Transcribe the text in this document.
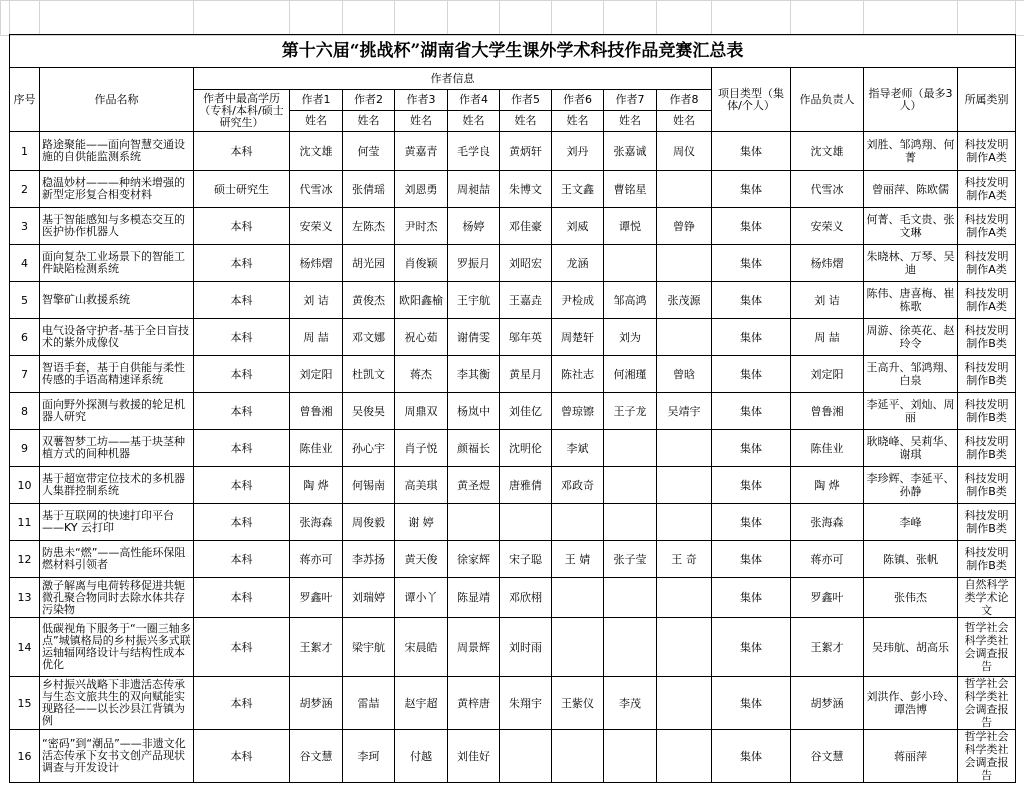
第十六届“挑战杯”湖南省大学生课外学术科技作品竞赛汇总表														
序号	作品名称	作者信息									项目类型（集体/个人）	作品负责人	指导老师（最多3人）	所属类别

		作者中最高学历（专科/本科/硕士研究生）	作者1	作者2	作者3	作者4	作者5	作者6	作者7	作者8				
			姓名	姓名	姓名	姓名	姓名	姓名	姓名	姓名				
1	路途聚能——面向智慧交通设施的自供能监测系统	本科	沈文雄	何莹	黄嘉青	毛学良	黄炳轩	刘丹	张嘉诚	周仪	集体	沈文雄	刘胜、邹鸿翔、何菁	科技发明制作A类

2	稳温妙材———种纳米增强的新型定形复合相变材料	硕士研究生	代雪冰	张倩瑶	刘恩勇	周昶喆	朱博文	王文鑫	曹铭星		集体	代雪冰	曾丽萍、陈欧儒	科技发明制作A类

3	基于智能感知与多模态交互的医护协作机器人	本科	安荣义	左陈杰	尹时杰	杨婷	邓佳豪	刘威	谭悦	曾铮	集体	安荣义	何菁、毛文贵、张文琳	科技发明制作A类

4	面向复杂工业场景下的智能工件缺陷检测系统	本科	杨炜熠	胡光园	肖俊颖	罗振月	刘昭宏	龙涵			集体	杨炜熠	朱晓林、万琴、吴迪	科技发明制作A类

5	智擎矿山救援系统	本科	刘 诘	黄俊杰	欧阳鑫榆	王宇航	王嘉垚	尹检成	邹高鸿	张茂源	集体	刘 诘	陈伟、唐喜梅、崔栋歌	科技发明制作A类

6	电气设备守护者-基于全日盲技术的紫外成像仪	本科	周 喆	邓文娜	祝心茹	谢倩雯	邬年英	周楚轩	刘为		集体	周 喆	周游、徐英花、赵玲令	科技发明制作B类

7	智语手套，基于自供能与柔性传感的手语高精速译系统	本科	刘定阳	杜凯文	蒋杰	李其衡	黄星月	陈社志	何湘瑾	曾晗	集体	刘定阳	王高升、邹鸿翔、白泉	科技发明制作B类

8	面向野外探测与救援的轮足机器人研究	本科	曾鲁湘	吴俊昊	周鼎双	杨岚中	刘佳亿	曾琼镲	王子龙	吴靖宇	集体	曾鲁湘	李延平、刘灿、周丽	科技发明制作B类

9	双薯智梦工坊——基于块茎种植方式的间种机器	本科	陈佳业	孙心宇	肖子悦	颜福长	沈明伦	李斌			集体	陈佳业	耿晓峰、吴莉华、谢琪	科技发明制作B类

10	基于超宽带定位技术的多机器人集群控制系统	本科	陶 烨	何锡南	高美琪	黄圣煜	唐雅倩	邓政奇			集体	陶 烨	李珍辉、李延平、孙静	科技发明制作B类

11	基于互联网的快速打印平台——KY 云打印	本科	张海森	周俊毅	谢 婷						集体	张海森	李峰	科技发明制作B类

12	防患未“燃”——高性能环保阻燃材料引领者	本科	蒋亦可	李苏扬	黄天俊	徐家辉	宋子聪	王 婧	张子莹	王 奇	集体	蒋亦可	陈镇、张帆	科技发明制作B类

13	激子解离与电荷转移促进共轭微孔聚合物同时去除水体共存污染物	本科	罗鑫叶	刘瑞婷	谭小丫	陈显靖	邓欣栩				集体	罗鑫叶	张伟杰	自然科学类学术论文

14	低碳视角下服务于“一圈三轴多点”城镇格局的乡村振兴多式联运轴辐网络设计与结构性成本优化	本科	王絮才	梁宇航	宋晨皓	周景辉	刘时雨				集体	王絮才	吴玮航、胡高乐	哲学社会科学类社会调查报告

15	乡村振兴战略下非遗活态传承与生态文旅共生的双向赋能实现路径——以长沙县江背镇为例	本科	胡梦涵	雷喆	赵宇超	黄梓唐	朱翔宇	王紫仪	李茂		集体	胡梦涵	刘洪作、彭小玲、谭浩博	哲学社会科学类社会调查报告

16	“密码”到“潮品”——非遗文化活态传承下女书文创产品现状调查与开发设计	本科	谷文慧	李珂	付越	刘佳好					集体	谷文慧	蒋丽萍	哲学社会科学类社会调查报告
